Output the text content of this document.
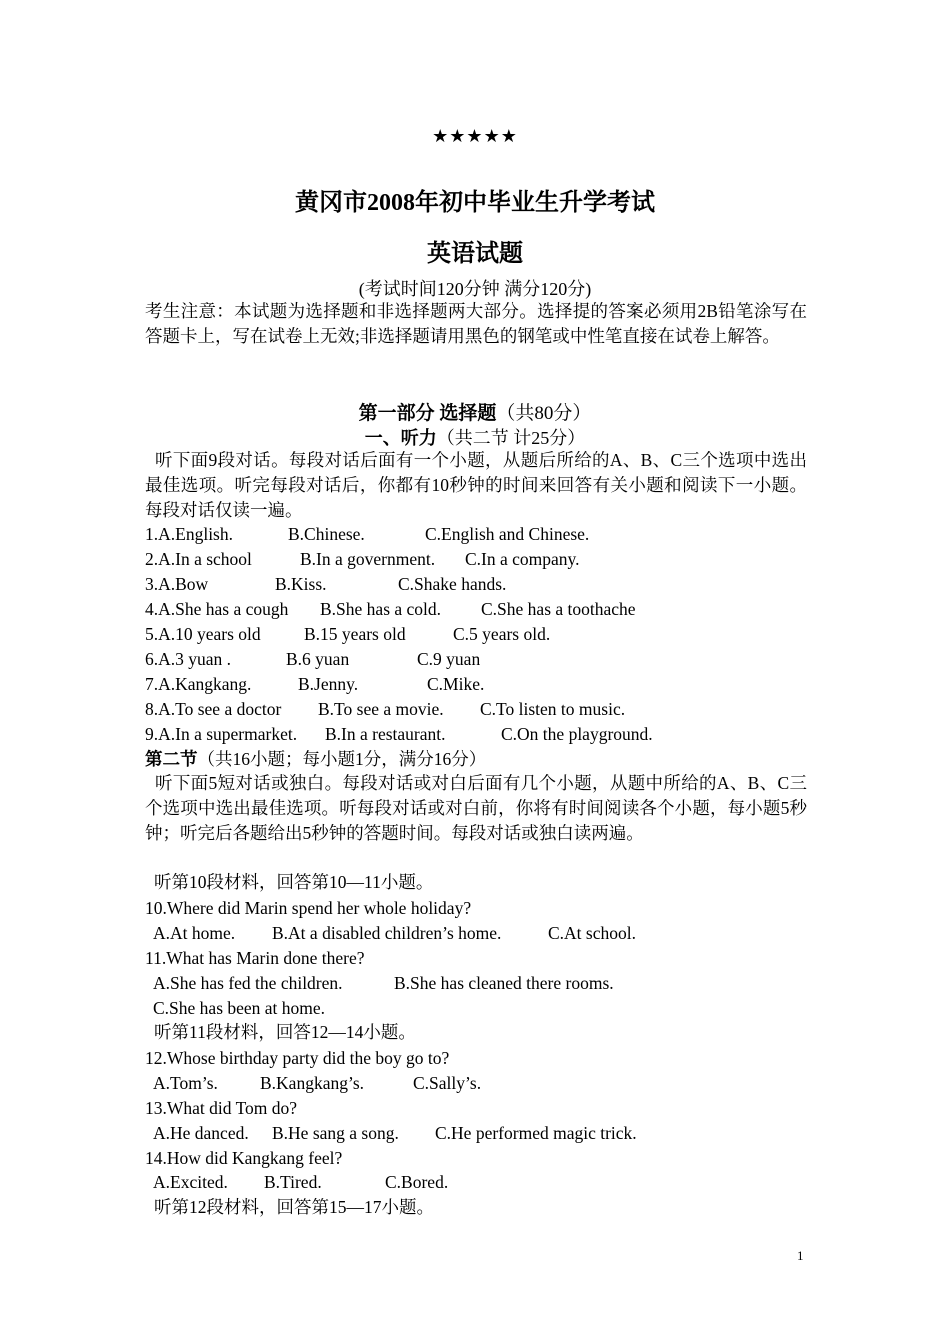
★★★★★
黄冈市2008年初中毕业生升学考试
英语试题
(考试时间120分钟 满分120分)
考生注意：本试题为选择题和非选择题两大部分。选择提的答案必须用2B铅笔涂写在答题卡上，写在试卷上无效;非选择题请用黑色的钢笔或中性笔直接在试卷上解答。
第一部分 选择题（共80分）
一、听力（共二节 计25分）
听下面9段对话。每段对话后面有一个小题，从题后所给的A、B、C三个选项中选出最佳选项。听完每段对话后，你都有10秒钟的时间来回答有关小题和阅读下一小题。每段对话仅读一遍。
1.A.English.	B.Chinese.	C.English and Chinese.
2.A.In a school	B.In a government. C.In a company.
3.A.Bow	B.Kiss.	C.Shake hands.
4.A.She has a cough B.She has a cold. C.She has a toothache
5.A.10 years old B.15 years old	C.5 years old.
6.A.3 yuan .	B.6 yuan	C.9 yuan
7.A.Kangkang.	B.Jenny.	C.Mike.
8.A.To see a doctor B.To see a movie. C.To listen to music.
9.A.In a supermarket. B.In a restaurant.	C.On the playground.
第二节（共16小题；每小题1分，满分16分）
听下面5短对话或独白。每段对话或对白后面有几个小题，从题中所给的A、B、C三个选项中选出最佳选项。听每段对话或对白前，你将有时间阅读各个小题，每小题5秒钟；听完后各题给出5秒钟的答题时间。每段对话或独白读两遍。
听第10段材料，回答第10—11小题。
10.Where did Marin spend her whole holiday?
A.At home. B.At a disabled children’s home.	C.At school.
11.What has Marin done there?
A.She has fed the children.	B.She has cleaned there rooms.
C.She has been at home.
听第11段材料，回答12—14小题。
12.Whose birthday party did the boy go to?
A.Tom’s. B.Kangkang’s.	C.Sally’s.
13.What did Tom do?
A.He danced. B.He sang a song. C.He performed magic trick.
14.How did Kangkang feel?
A.Excited. B.Tired.	C.Bored.
听第12段材料，回答第15—17小题。
1
